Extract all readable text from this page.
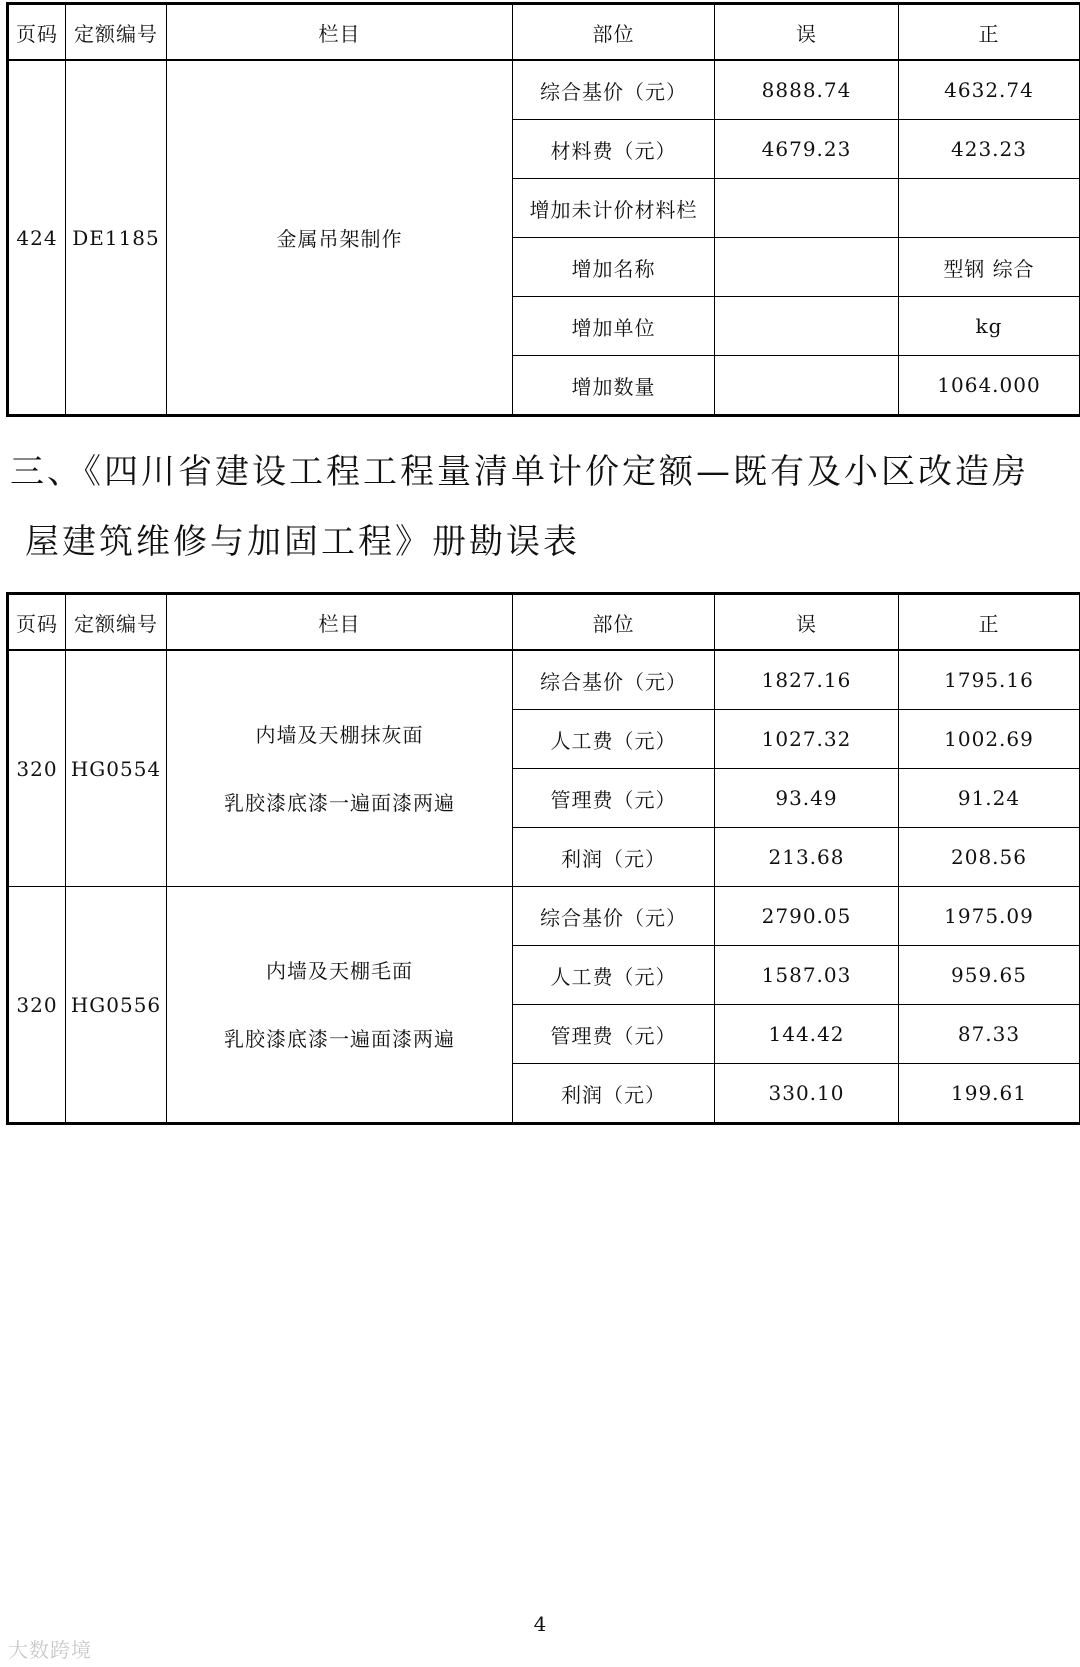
页码	定额编号	栏目	部位	误	正
424	DE1185	金属吊架制作	综合基价（元）	8888.74	4632.74
			材料费（元）	4679.23	423.23
			增加未计价材料栏		
			增加名称		型钢 综合
			增加单位		kg
			增加数量		1064.000
三、《四川省建设工程工程量清单计价定额—既有及小区改造房
屋建筑维修与加固工程》册勘误表
页码	定额编号	栏目	部位	误	正
320	HG0554	内墙及天棚抹灰面
乳胶漆底漆一遍面漆两遍	综合基价（元）	1827.16	1795.16
			人工费（元）	1027.32	1002.69
			管理费（元）	93.49	91.24
			利润（元）	213.68	208.56
320	HG0556	内墙及天棚毛面
乳胶漆底漆一遍面漆两遍	综合基价（元）	2790.05	1975.09
			人工费（元）	1587.03	959.65
			管理费（元）	144.42	87.33
			利润（元）	330.10	199.61
4
大数跨境
